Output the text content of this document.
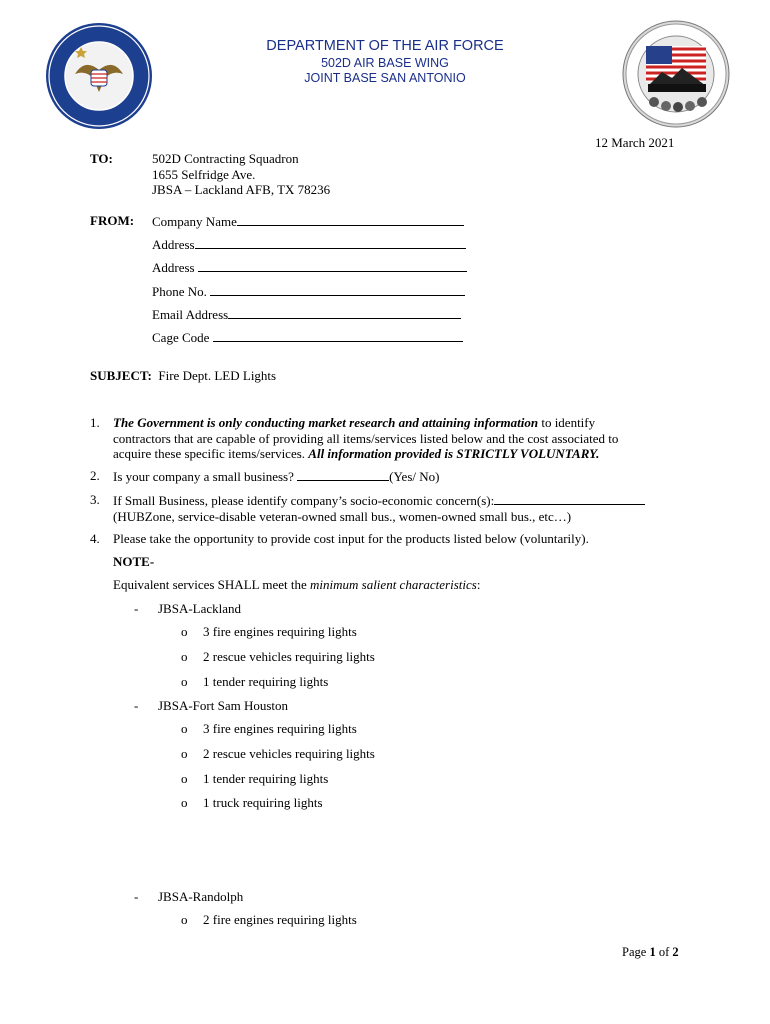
DEPARTMENT OF THE AIR FORCE
502D AIR BASE WING
JOINT BASE SAN ANTONIO
12 March 2021
TO:	502D Contracting Squadron
1655 Selfridge Ave.
JBSA – Lackland AFB, TX 78236
FROM: Company Name
Address
Address
Phone No.
Email Address
Cage Code
SUBJECT: Fire Dept. LED Lights
1. The Government is only conducting market research and attaining information to identify
contractors that are capable of providing all items/services listed below and the cost associated to
acquire these specific items/services. All information provided is STRICTLY VOLUNTARY.
2. Is your company a small business?	(Yes/ No)
3. If Small Business, please identify company’s socio-economic concern(s):
(HUBZone, service-disable veteran-owned small bus., women-owned small bus., etc…)
4. Please take the opportunity to provide cost input for the products listed below (voluntarily).
NOTE-
Equivalent services SHALL meet the minimum salient characteristics:
- JBSA-Lackland
o 3 fire engines requiring lights
o 2 rescue vehicles requiring lights
o 1 tender requiring lights
- JBSA-Fort Sam Houston
o 3 fire engines requiring lights
o 2 rescue vehicles requiring lights
o 1 tender requiring lights
o 1 truck requiring lights
- JBSA-Randolph
o 2 fire engines requiring lights
Page 1 of 2
